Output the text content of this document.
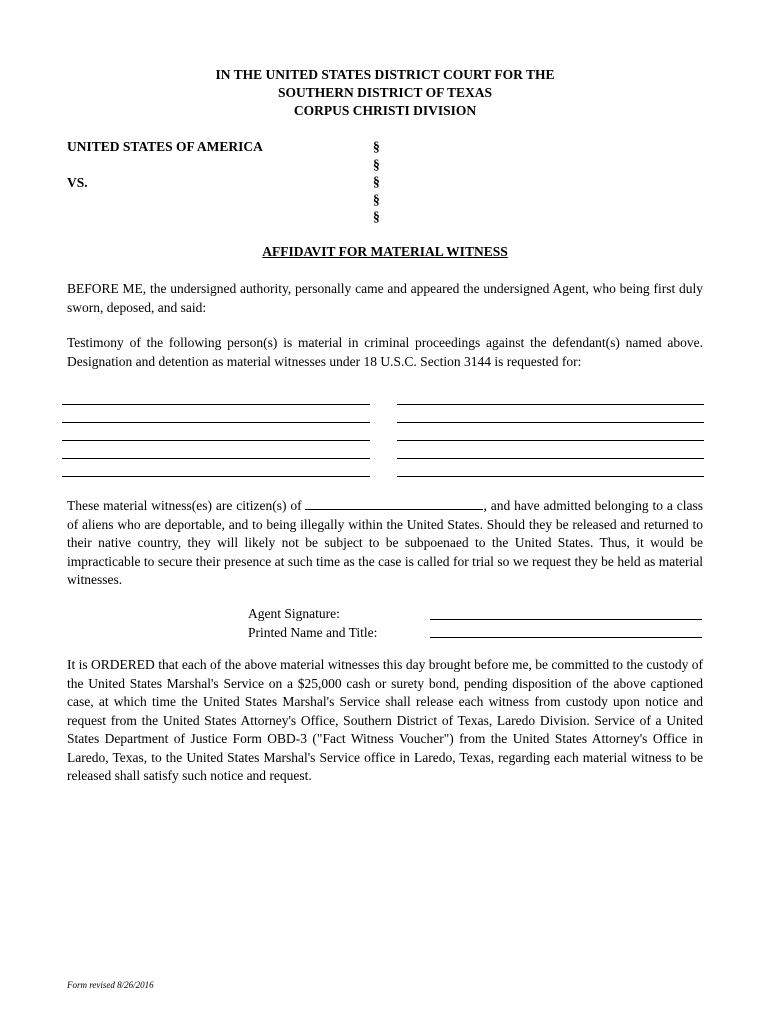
IN THE UNITED STATES DISTRICT COURT FOR THE
SOUTHERN DISTRICT OF TEXAS
CORPUS CHRISTI DIVISION
UNITED STATES OF AMERICA
VS.
§
§
§
§
§
AFFIDAVIT FOR MATERIAL WITNESS
BEFORE ME, the undersigned authority, personally came and appeared the undersigned Agent, who being first duly sworn, deposed, and said:
Testimony of the following person(s) is material in criminal proceedings against the defendant(s) named above. Designation and detention as material witnesses under 18 U.S.C. Section 3144 is requested for:
These material witness(es) are citizen(s) of	, and have admitted belonging to a class of aliens who are deportable, and to being illegally within the United States. Should they be released and returned to their native country, they will likely not be subject to be subpoenaed to the United States. Thus, it would be impracticable to secure their presence at such time as the case is called for trial so we request they be held as material witnesses.
Agent Signature:
Printed Name and Title:
It is ORDERED that each of the above material witnesses this day brought before me, be committed to the custody of the United States Marshal's Service on a $25,000 cash or surety bond, pending disposition of the above captioned case, at which time the United States Marshal's Service shall release each witness from custody upon notice and request from the United States Attorney's Office, Southern District of Texas, Laredo Division. Service of a United States Department of Justice Form OBD-3 ("Fact Witness Voucher") from the United States Attorney's Office in Laredo, Texas, to the United States Marshal's Service office in Laredo, Texas, regarding each material witness to be released shall satisfy such notice and request.
Form revised 8/26/2016
